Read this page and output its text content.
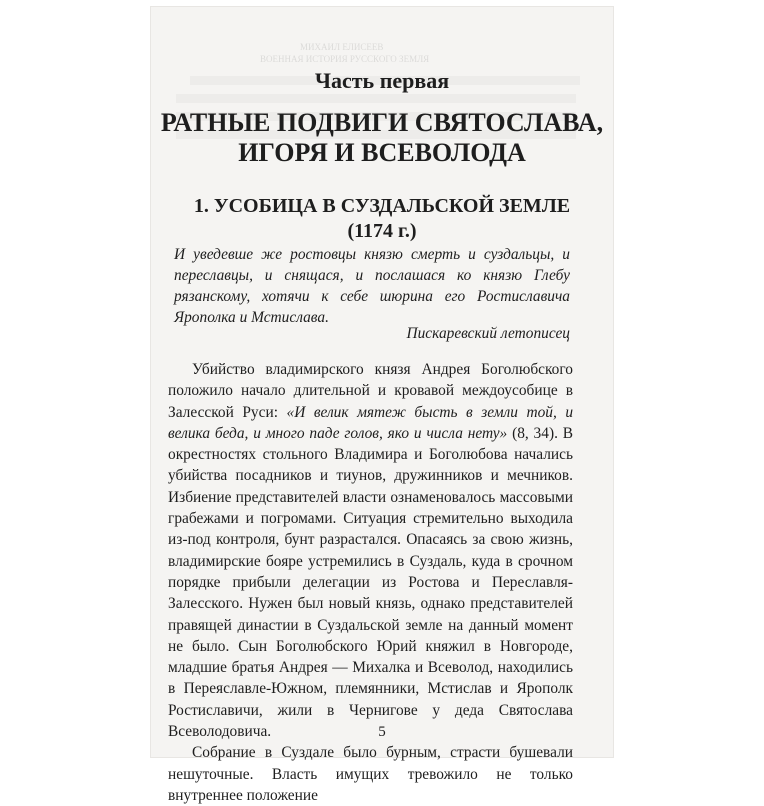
МИХАИЛ ЕЛИСЕЕВ
ВОЕННАЯ ИСТОРИЯ РУССКОГО ЗЕМЛЯ
Часть первая
РАТНЫЕ ПОДВИГИ СВЯТОСЛАВА,
ИГОРЯ И ВСЕВОЛОДА
1. УСОБИЦА В СУЗДАЛЬСКОЙ ЗЕМЛЕ
(1174 г.)
И уведевше же ростовцы князю смерть и суздальцы, и переславцы, и снящася, и послашася ко князю Глебу рязанскому, хотячи к себе шюрина его Ростиславича Ярополка и Мстислава.
Пискаревский летописец

Убийство владимирского князя Андрея Боголюбского положило начало длительной и кровавой междоусобице в Залесской Руси: «И велик мятеж бысть в земли той, и велика беда, и много паде голов, яко и числа нету» (8, 34). В окрестностях стольного Владимира и Боголюбова начались убийства посадников и тиунов, дружинников и мечников. Избиение представителей власти ознаменовалось массовыми грабежами и погромами. Ситуация стремительно выходила из-под контроля, бунт разрастался. Опасаясь за свою жизнь, владимирские бояре устремились в Суздаль, куда в срочном порядке прибыли делегации из Ростова и Переславля-Залесского. Нужен был новый князь, однако представителей правящей династии в Суздальской земле на данный момент не было. Сын Боголюбского Юрий княжил в Новгороде, младшие братья Андрея — Михалка и Всеволод, находились в Переяславле-Южном, племянники, Мстислав и Ярополк Ростиславичи, жили в Чернигове у деда Святослава Всеволодовича.

Собрание в Суздале было бурным, страсти бушевали нешуточные. Власть имущих тревожило не только внутреннее положение

5
